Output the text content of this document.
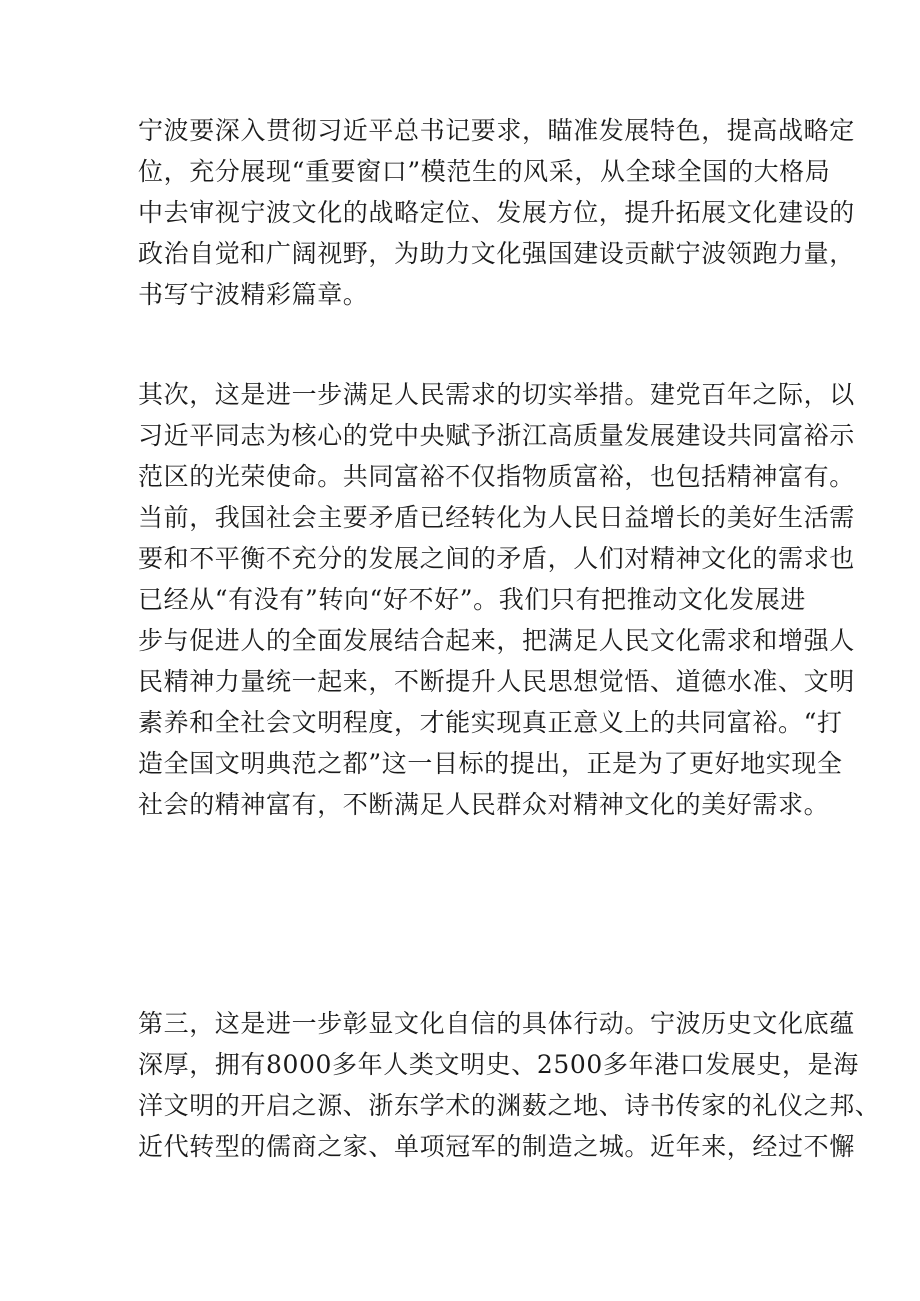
宁波要深入贯彻习近平总书记要求，瞄准发展特色，提高战略定
位，充分展现“重要窗口”模范生的风采，从全球全国的大格局
中去审视宁波文化的战略定位、发展方位，提升拓展文化建设的
政治自觉和广阔视野，为助力文化强国建设贡献宁波领跑力量，
书写宁波精彩篇章。
其次，这是进一步满足人民需求的切实举措。建党百年之际，以
习近平同志为核心的党中央赋予浙江高质量发展建设共同富裕示
范区的光荣使命。共同富裕不仅指物质富裕，也包括精神富有。
当前，我国社会主要矛盾已经转化为人民日益增长的美好生活需
要和不平衡不充分的发展之间的矛盾，人们对精神文化的需求也
已经从“有没有”转向“好不好”。我们只有把推动文化发展进
步与促进人的全面发展结合起来，把满足人民文化需求和增强人
民精神力量统一起来，不断提升人民思想觉悟、道德水准、文明
素养和全社会文明程度，才能实现真正意义上的共同富裕。“打
造全国文明典范之都”这一目标的提出，正是为了更好地实现全
社会的精神富有，不断满足人民群众对精神文化的美好需求。
第三，这是进一步彰显文化自信的具体行动。宁波历史文化底蕴
深厚，拥有8000多年人类文明史、2500多年港口发展史，是海
洋文明的开启之源、浙东学术的渊薮之地、诗书传家的礼仪之邦、
近代转型的儒商之家、单项冠军的制造之城。近年来，经过不懈
